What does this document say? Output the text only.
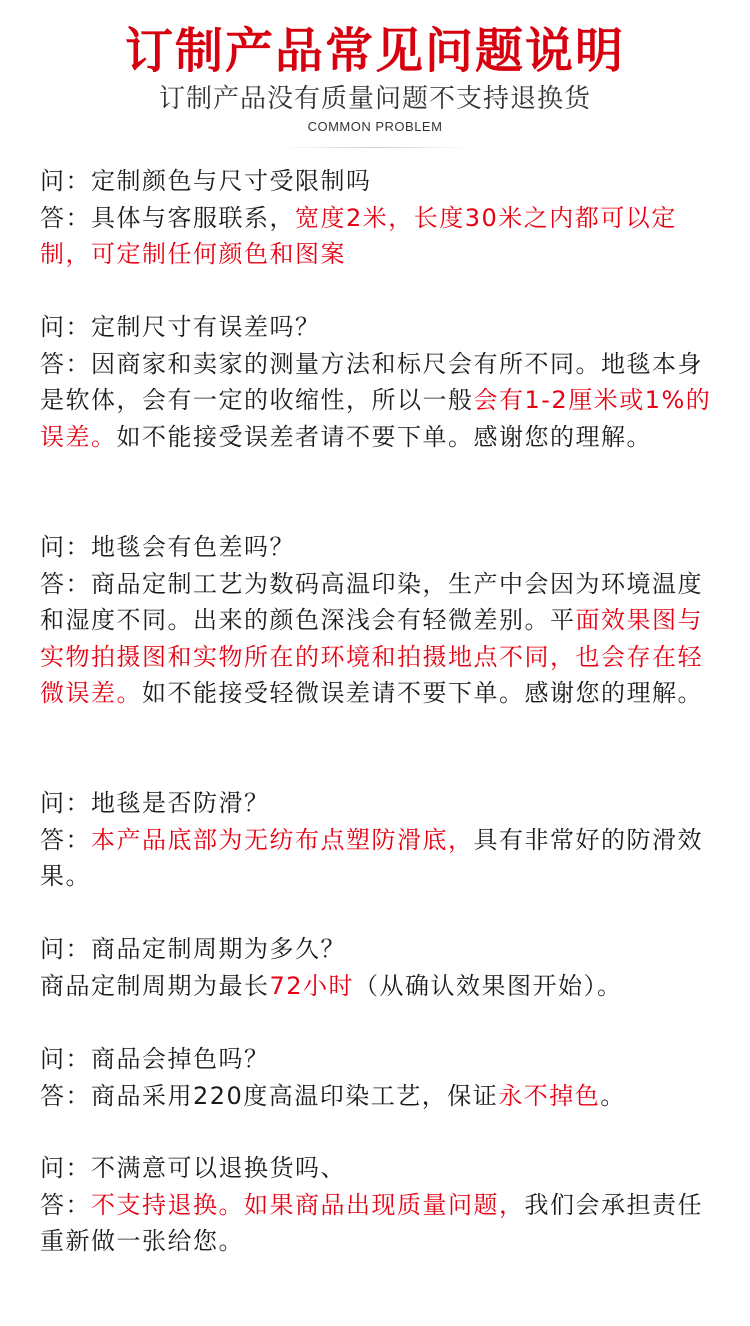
订制产品常见问题说明
订制产品没有质量问题不支持退换货
COMMON PROBLEM

问：定制颜色与尺寸受限制吗

答：具体与客服联系，宽度2米，长度30米之内都可以定制，可定制任何颜色和图案

问：定制尺寸有误差吗？

答：因商家和卖家的测量方法和标尺会有所不同。地毯本身是软体，会有一定的收缩性，所以一般会有1-2厘米或1%的误差。如不能接受误差者请不要下单。感谢您的理解。

问：地毯会有色差吗？

答：商品定制工艺为数码高温印染，生产中会因为环境温度和湿度不同。出来的颜色深浅会有轻微差别。平面效果图与实物拍摄图和实物所在的环境和拍摄地点不同，也会存在轻微误差。如不能接受轻微误差请不要下单。感谢您的理解。

问：地毯是否防滑？

答：本产品底部为无纺布点塑防滑底，具有非常好的防滑效果。

问：商品定制周期为多久？

商品定制周期为最长72小时（从确认效果图开始）。

问：商品会掉色吗？

答：商品采用220度高温印染工艺，保证永不掉色。

问：不满意可以退换货吗、

答：不支持退换。如果商品出现质量问题，我们会承担责任重新做一张给您。
